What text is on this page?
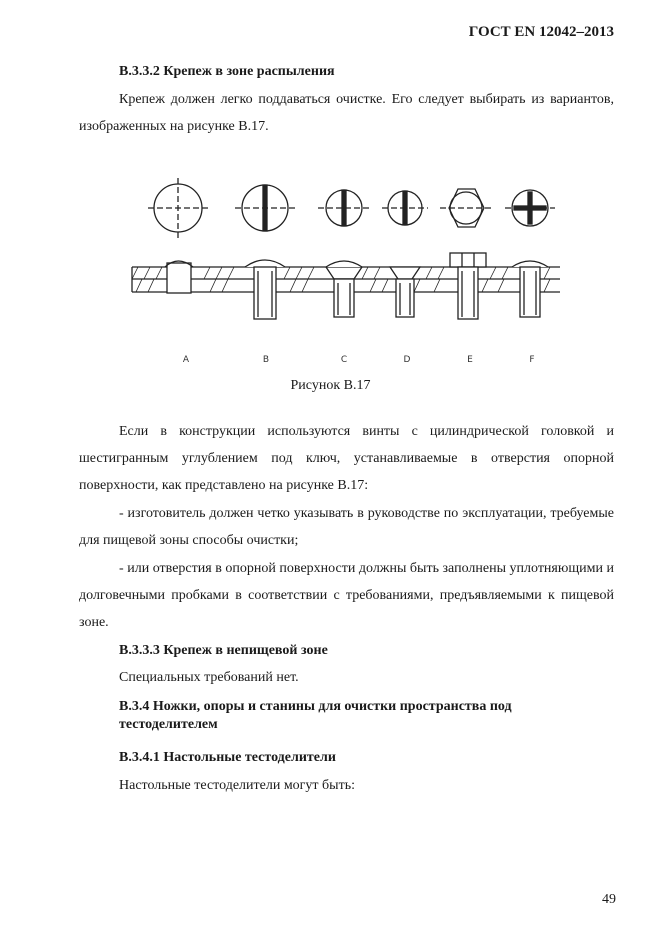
ГОСТ EN 12042–2013
B.3.3.2 Крепеж в зоне распыления
Крепеж должен легко поддаваться очистке. Его следует выбирать из вариантов, изображенных на рисунке B.17.
A	B	C	D	E	F
Рисунок B.17
Если в конструкции используются винты с цилиндрической головкой и шестигранным углублением под ключ, устанавливаемые в отверстия опорной поверхности, как представлено на рисунке B.17:
- изготовитель должен четко указывать в руководстве по эксплуатации, требуемые для пищевой зоны способы очистки;
- или отверстия в опорной поверхности должны быть заполнены уплотняющими и долговечными пробками в соответствии с требованиями, предъявляемыми к пищевой зоне.
B.3.3.3 Крепеж в непищевой зоне
Специальных требований нет.
B.3.4 Ножки, опоры и станины для очистки пространства под тестоделителем
B.3.4.1 Настольные тестоделители
Настольные тестоделители могут быть:
49
